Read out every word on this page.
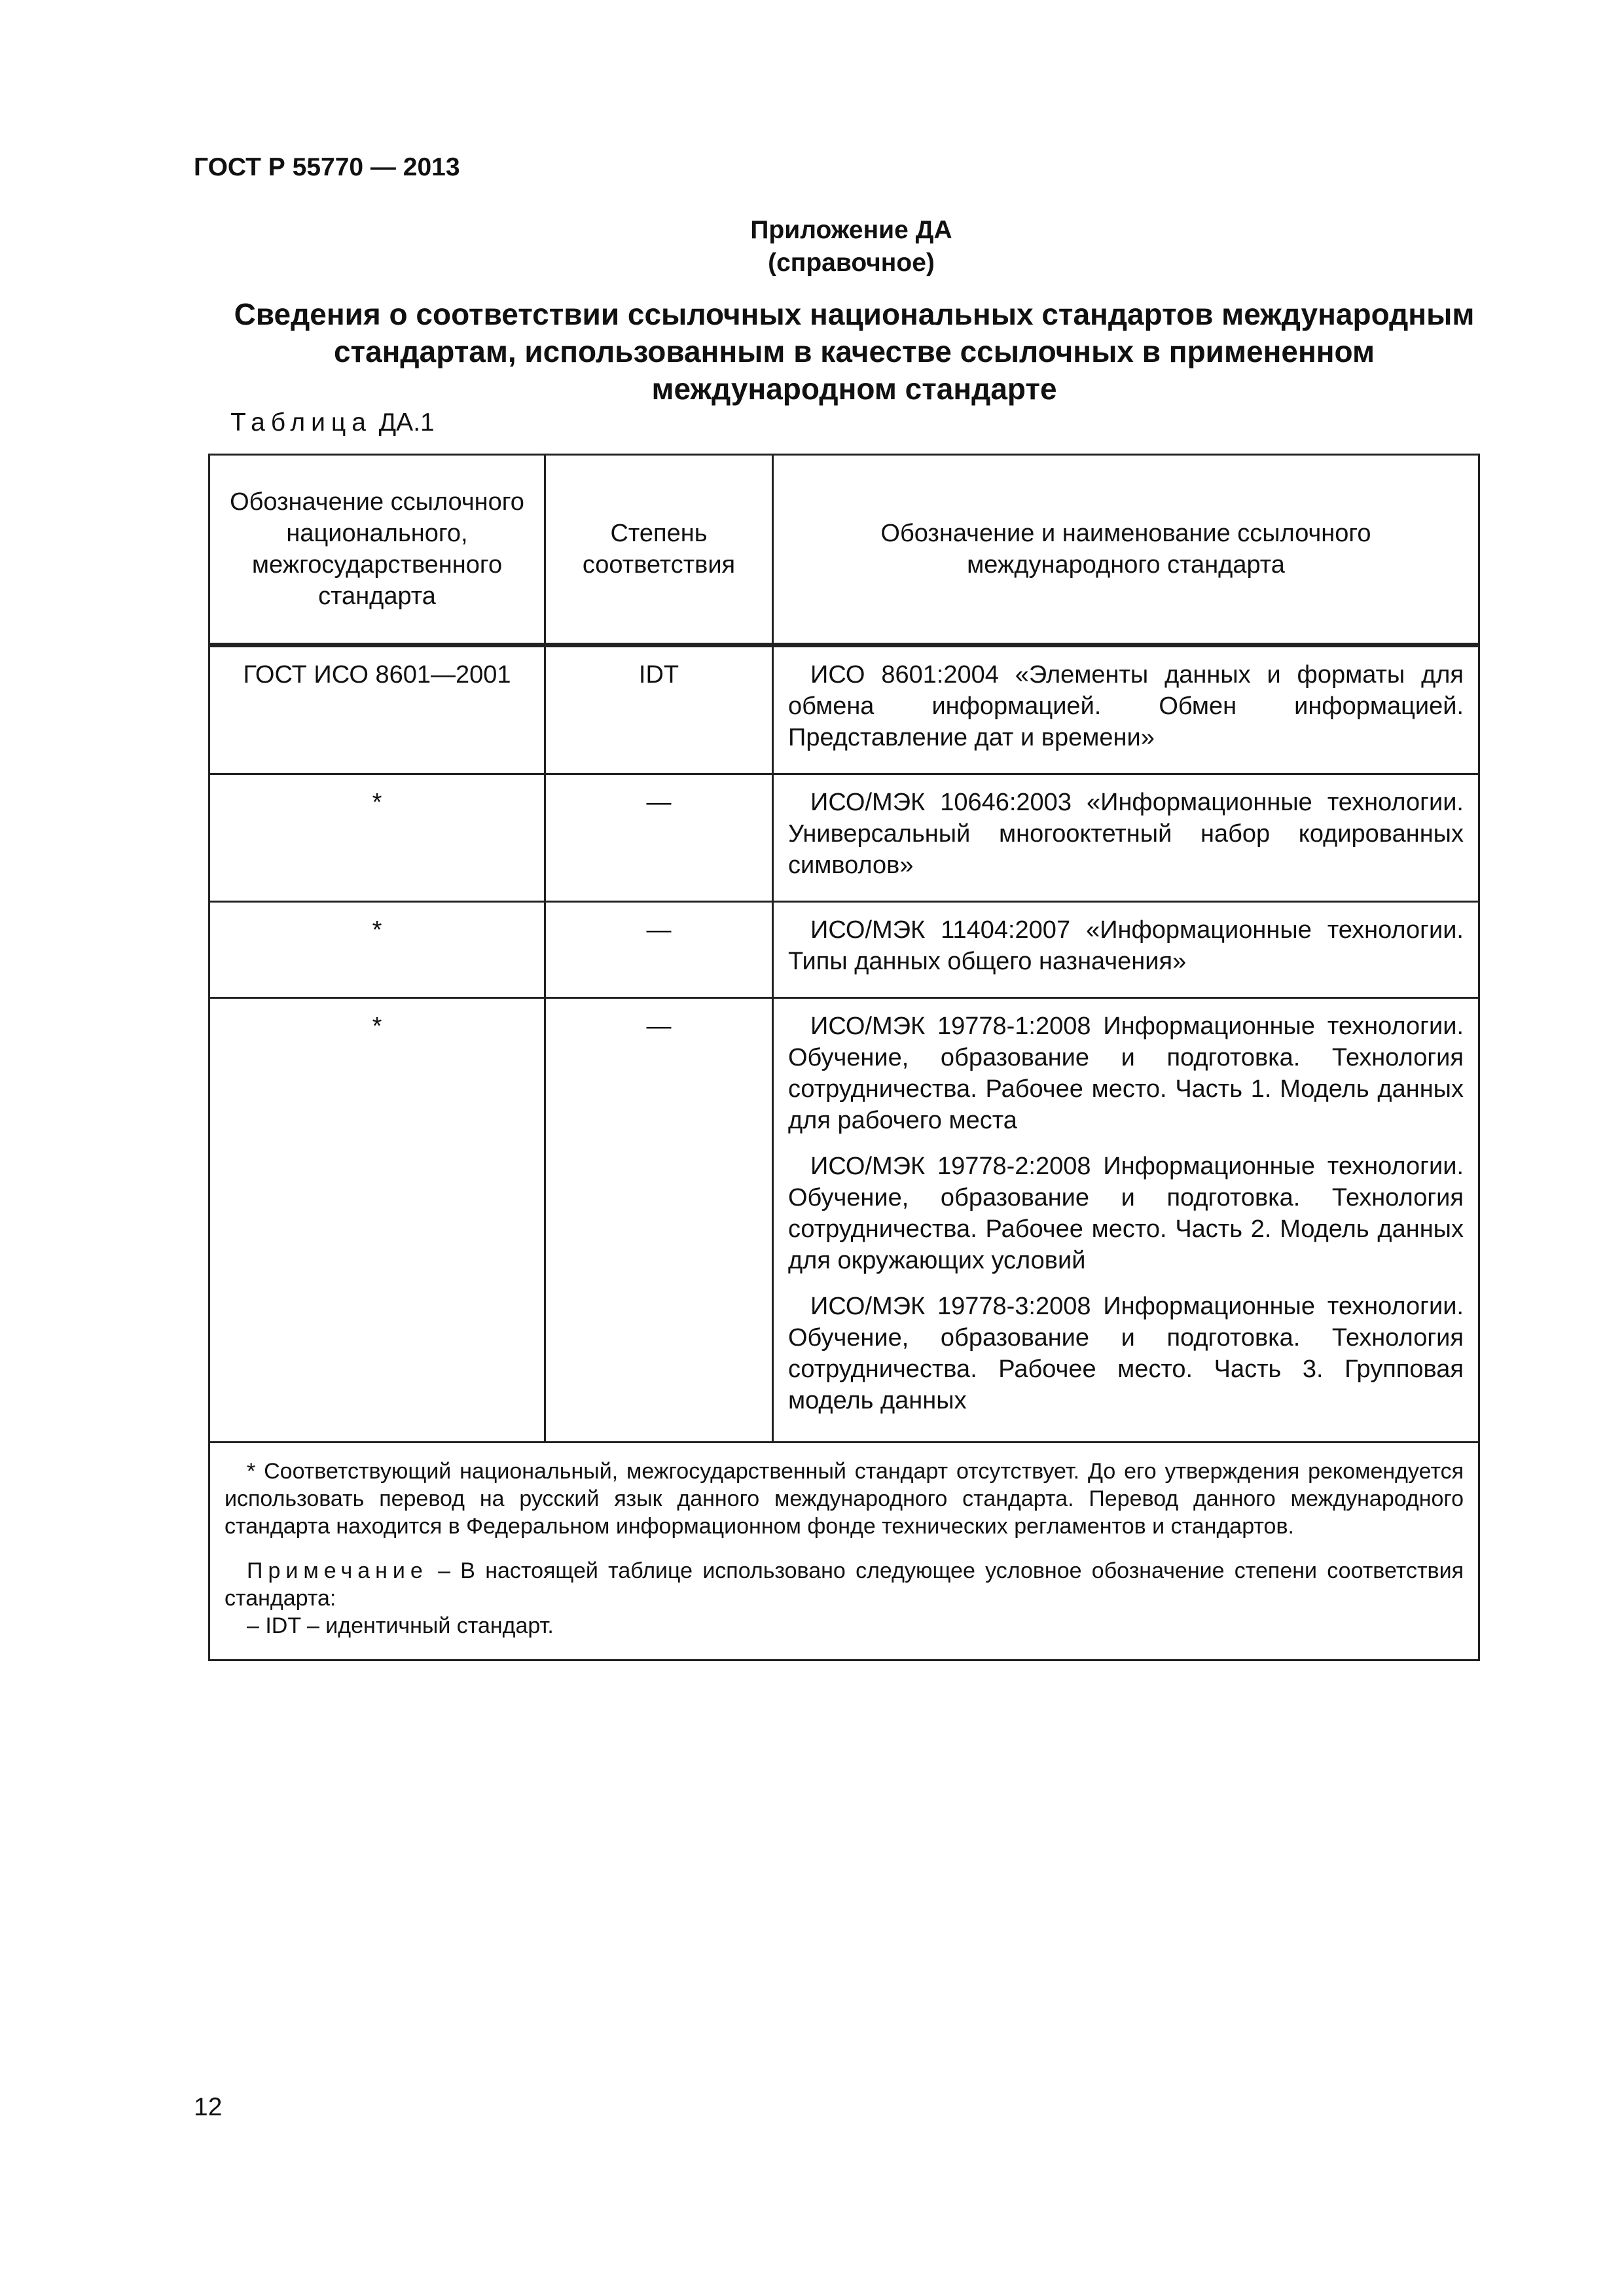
ГОСТ Р 55770 — 2013
Приложение ДА
(справочное)
Сведения о соответствии ссылочных национальных стандартов международным стандартам, использованным в качестве ссылочных в примененном международном стандарте
Таблица ДА.1
Обозначение ссылочного национального, межгосударственного стандарта	Степень соответствия	Обозначение и наименование ссылочного международного стандарта
ГОСТ ИСО 8601—2001	IDT	ИСО 8601:2004 «Элементы данных и форматы для обмена информацией. Обмен информацией. Представление дат и времени»

*	—	ИСО/МЭК 10646:2003 «Информационные технологии. Универсальный многооктетный набор кодированных символов»

*	—	ИСО/МЭК 11404:2007 «Информационные технологии. Типы данных общего назначения»

*	—	ИСО/МЭК 19778-1:2008 Информационные технологии. Обучение, образование и подготовка. Технология сотрудничества. Рабочее место. Часть 1. Модель данных для рабочего места

ИСО/МЭК 19778-2:2008 Информационные технологии. Обучение, образование и подготовка. Технология сотрудничества. Рабочее место. Часть 2. Модель данных для окружающих условий

ИСО/МЭК 19778-3:2008 Информационные технологии. Обучение, образование и подготовка. Технология сотрудничества. Рабочее место. Часть 3. Групповая модель данных

* Соответствующий национальный, межгосударственный стандарт отсутствует. До его утверждения рекомендуется использовать перевод на русский язык данного международного стандарта. Перевод данного международного стандарта находится в Федеральном информационном фонде технических регламентов и стандартов.

Примечание – В настоящей таблице использовано следующее условное обозначение степени соответствия стандарта:

– IDT – идентичный стандарт.		

12
